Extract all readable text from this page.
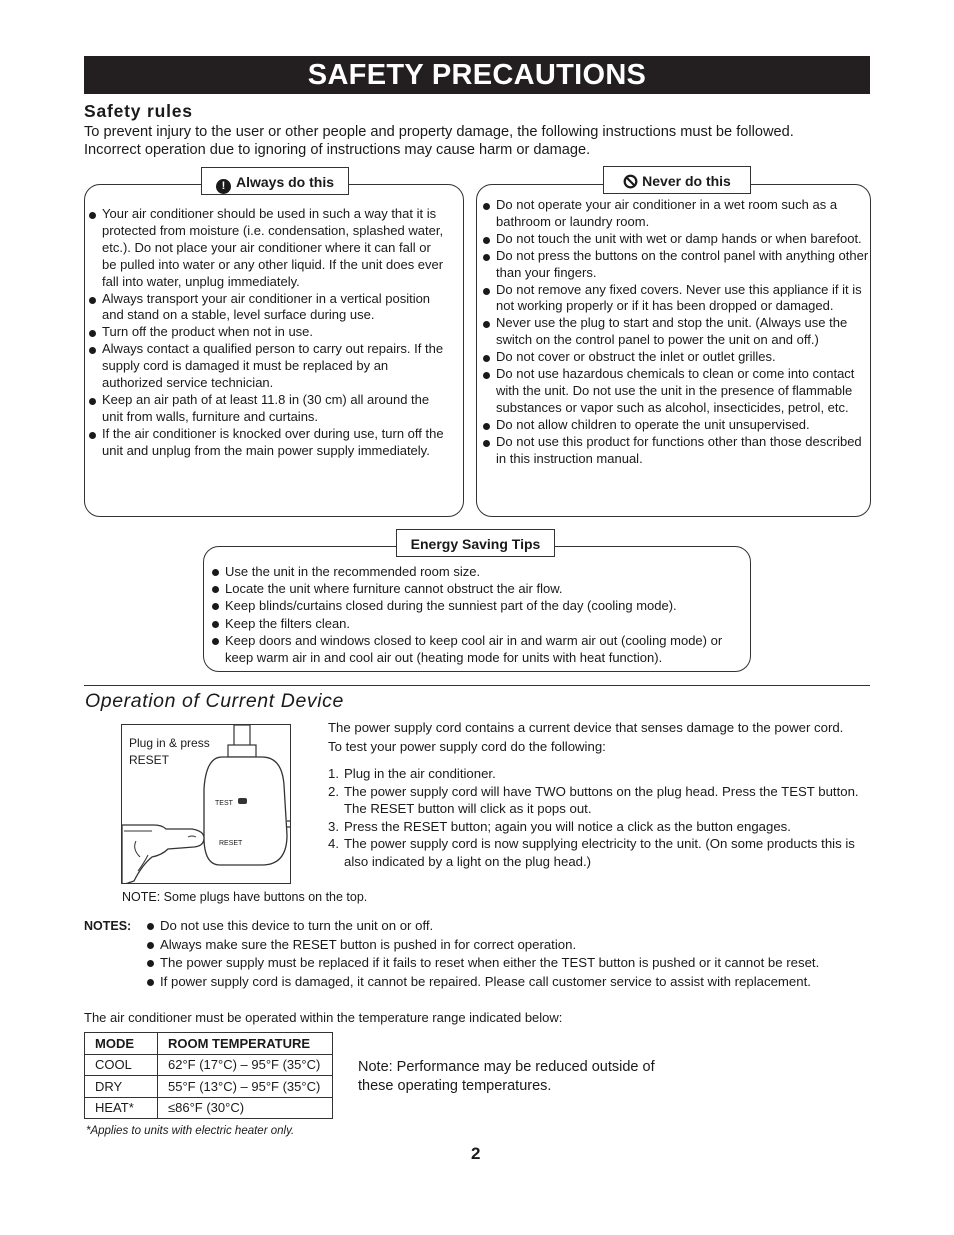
SAFETY PRECAUTIONS
Safety rules
To prevent injury to the user or other people and property damage, the following instructions must be followed. Incorrect operation due to ignoring of instructions may cause harm or damage.
! Always do this
Your air conditioner should be used in such a way that it is protected from moisture (i.e. condensation, splashed water, etc.). Do not place your air conditioner where it can fall or be pulled into water or any other liquid. If the unit does ever fall into water, unplug immediately.
Always transport your air conditioner in a vertical position and stand on a stable, level surface during use.
Turn off the product when not in use.
Always contact a qualified person to carry out repairs. If the supply cord is damaged it must be replaced by an authorized service technician.
Keep an air path of at least 11.8 in (30 cm) all around the unit from walls, furniture and curtains.
If the air conditioner is knocked over during use, turn off the unit and unplug from the main power supply immediately.
Never do this
Do not operate your air conditioner in a wet room such as a bathroom or laundry room.
Do not touch the unit with wet or damp hands or when barefoot.
Do not press the buttons on the control panel with anything other than your fingers.
Do not remove any fixed covers. Never use this appliance if it is not working properly or if it has been dropped or damaged.
Never use the plug to start and stop the unit. (Always use the switch on the control panel to power the unit on and off.)
Do not cover or obstruct the inlet or outlet grilles.
Do not use hazardous chemicals to clean or come into contact with the unit. Do not use the unit in the presence of flammable substances or vapor such as alcohol, insecticides, petrol, etc.
Do not allow children to operate the unit unsupervised.
Do not use this product for functions other than those described in this instruction manual.
Energy Saving Tips
Use the unit in the recommended room size.
Locate the unit where furniture cannot obstruct the air flow.
Keep blinds/curtains closed during the sunniest part of the day (cooling mode).
Keep the filters clean.
Keep doors and windows closed to keep cool air in and warm air out (cooling mode) or keep warm air in and cool air out (heating mode for units with heat function).
Operation of Current Device
TEST
RESET
Plug in & press RESET
The power supply cord contains a current device that senses damage to the power cord. To test your power supply cord do the following:
1. Plug in the air conditioner.
2. The power supply cord will have TWO buttons on the plug head. Press the TEST button. The RESET button will click as it pops out.
3. Press the RESET button; again you will notice a click as the button engages.
4. The power supply cord is now supplying electricity to the unit. (On some products this is also indicated by a light on the plug head.)
NOTE: Some plugs have buttons on the top.
NOTES:	Do not use this device to turn the unit on or off.
Always make sure the RESET button is pushed in for correct operation.
The power supply must be replaced if it fails to reset when either the TEST button is pushed or it cannot be reset.
If power supply cord is damaged, it cannot be repaired. Please call customer service to assist with replacement.
The air conditioner must be operated within the temperature range indicated below:
MODE	ROOM TEMPERATURE
COOL	62°F (17°C) – 95°F (35°C)
DRY	55°F (13°C) – 95°F (35°C)
HEAT*	≤86°F (30°C)
Note: Performance may be reduced outside of these operating temperatures.
*Applies to units with electric heater only.
2
